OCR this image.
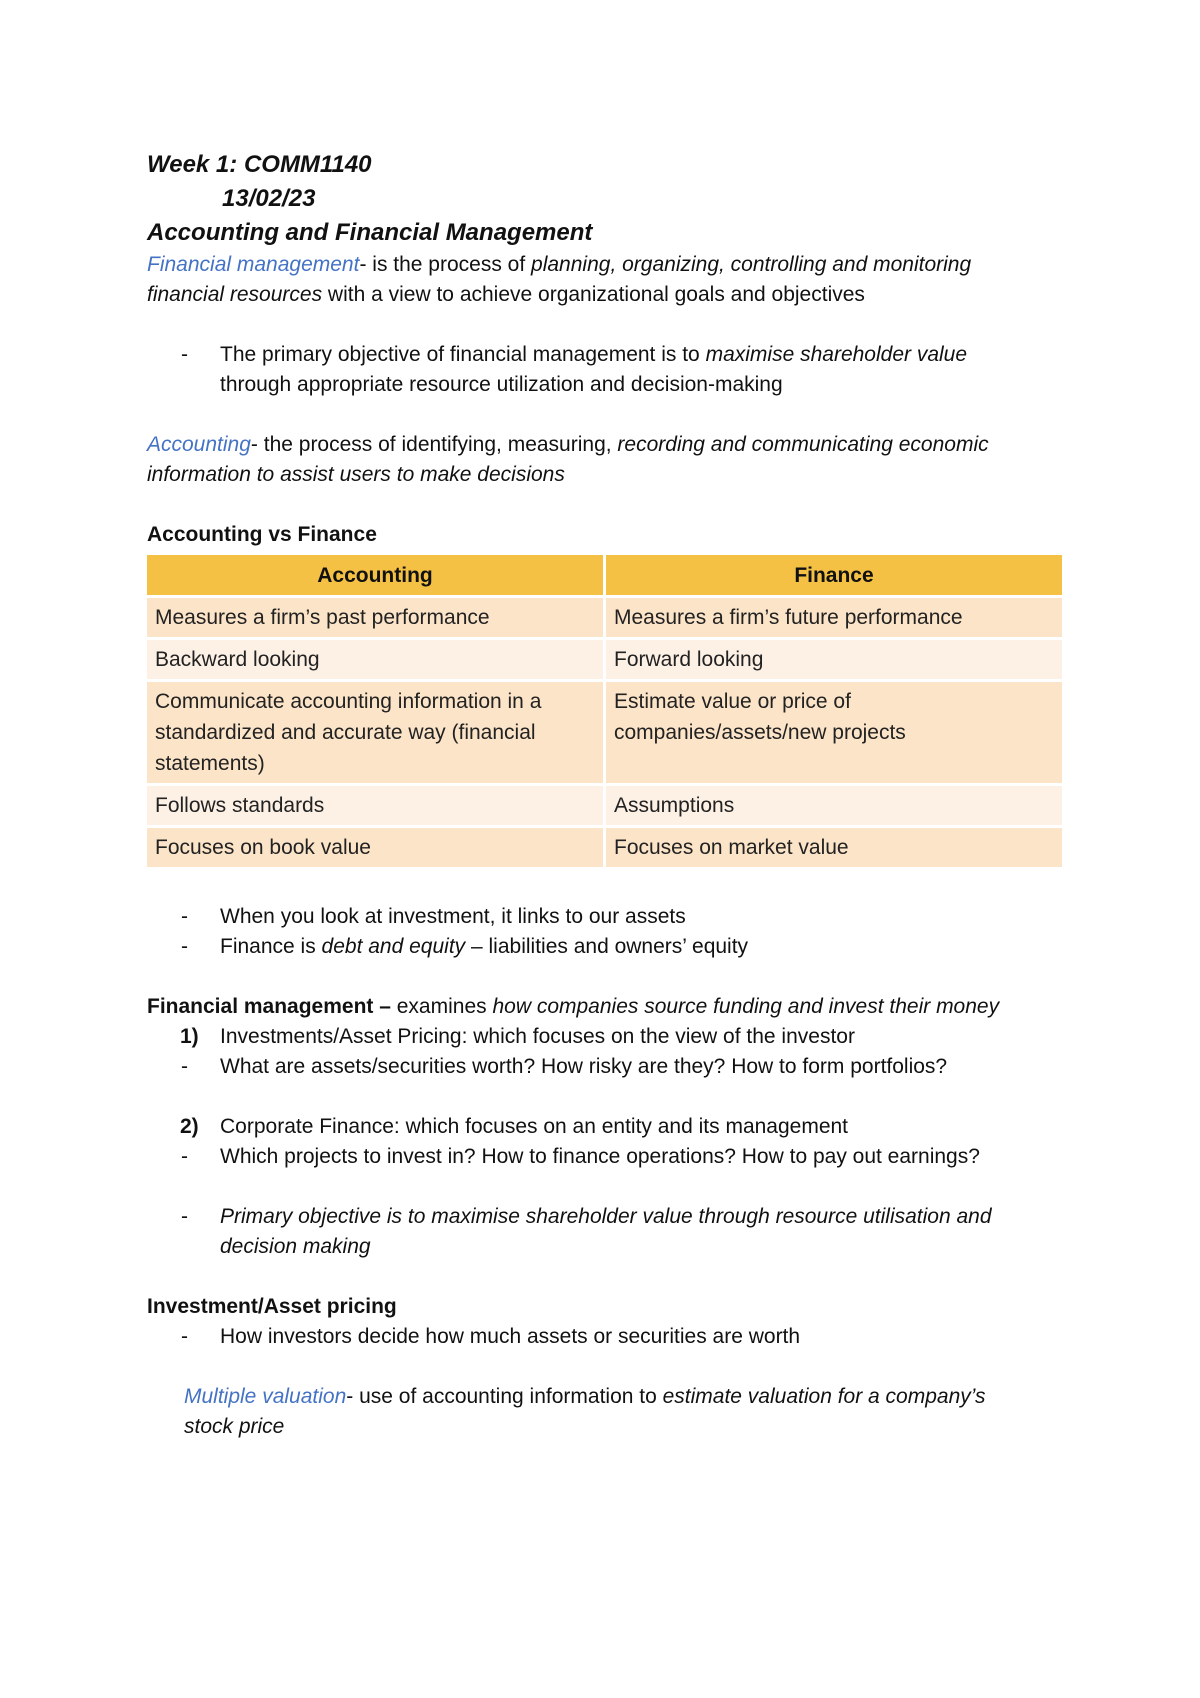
Week 1: COMM1140
13/02/23
Accounting and Financial Management

Financial management- is the process of planning, organizing, controlling and monitoring
financial resources with a view to achieve organizational goals and objectives

- The primary objective of financial management is to maximise shareholder value
through appropriate resource utilization and decision-making

Accounting- the process of identifying, measuring, recording and communicating economic
information to assist users to make decisions

Accounting vs Finance
Accounting	Finance
Measures a firm’s past performance	Measures a firm’s future performance
Backward looking	Forward looking
Communicate accounting information in a standardized and accurate way (financial statements)	Estimate value or price of companies/assets/new projects
Follows standards	Assumptions
Focuses on book value	Focuses on market value
- When you look at investment, it links to our assets
- Finance is debt and equity – liabilities and owners’ equity

Financial management – examines how companies source funding and invest their money

1) Investments/Asset Pricing: which focuses on the view of the investor
- What are assets/securities worth? How risky are they? How to form portfolios?
2) Corporate Finance: which focuses on an entity and its management
- Which projects to invest in? How to finance operations? How to pay out earnings?
- Primary objective is to maximise shareholder value through resource utilisation and decision making
Investment/Asset pricing
- How investors decide how much assets or securities are worth

Multiple valuation- use of accounting information to estimate valuation for a company’s
stock price
